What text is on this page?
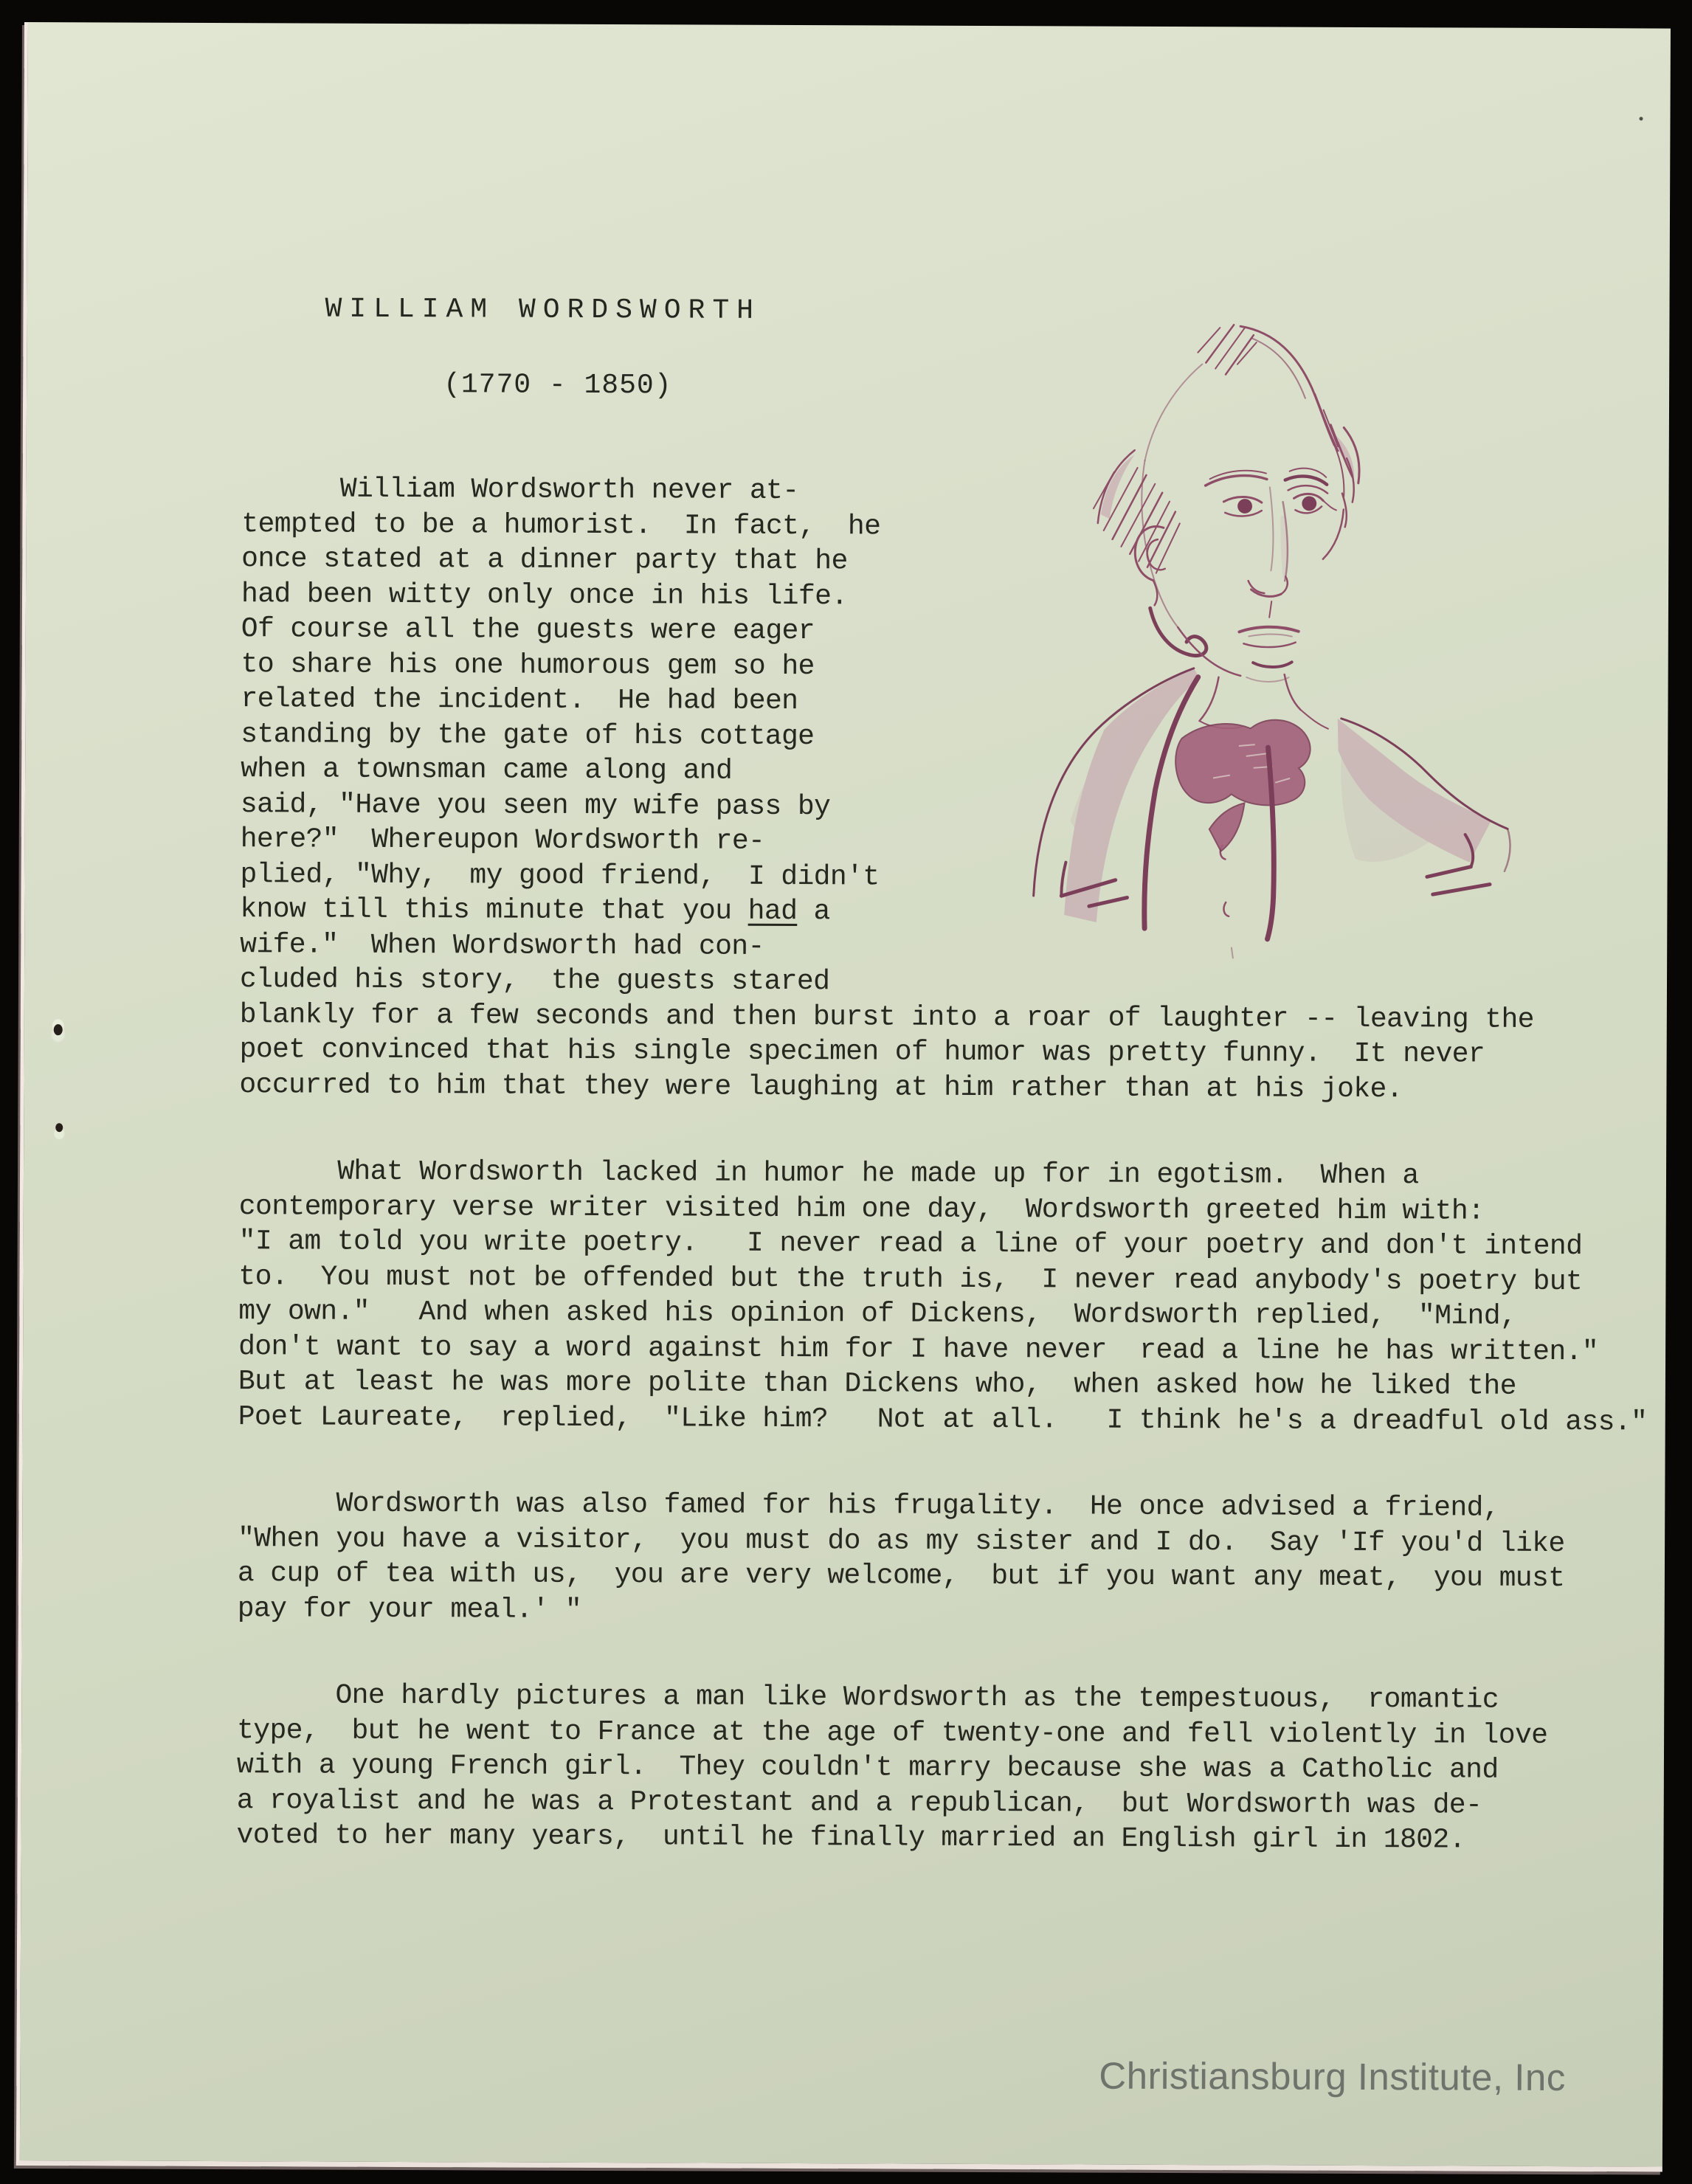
WILLIAM WORDSWORTH
(1770 - 1850)
William Wordsworth never at-
tempted to be a humorist.  In fact,  he
once stated at a dinner party that he
had been witty only once in his life.
Of course all the guests were eager
to share his one humorous gem so he
related the incident.  He had been
standing by the gate of his cottage
when a townsman came along and
said, "Have you seen my wife pass by
here?"  Whereupon Wordsworth re-
plied, "Why,  my good friend,  I didn't
know till this minute that you had a
wife."  When Wordsworth had con-
cluded his story,  the guests stared
blankly for a few seconds and then burst into a roar of laughter -- leaving the
poet convinced that his single specimen of humor was pretty funny.  It never
occurred to him that they were laughing at him rather than at his joke.
What Wordsworth lacked in humor he made up for in egotism.  When a
contemporary verse writer visited him one day,  Wordsworth greeted him with:
"I am told you write poetry.   I never read a line of your poetry and don't intend
to.  You must not be offended but the truth is,  I never read anybody's poetry but
my own."   And when asked his opinion of Dickens,  Wordsworth replied,  "Mind,
don't want to say a word against him for I have never  read a line he has written."
But at least he was more polite than Dickens who,  when asked how he liked the
Poet Laureate,  replied,  "Like him?   Not at all.   I think he's a dreadful old ass."
Wordsworth was also famed for his frugality.  He once advised a friend,
"When you have a visitor,  you must do as my sister and I do.  Say 'If you'd like
a cup of tea with us,  you are very welcome,  but if you want any meat,  you must
pay for your meal.' "
One hardly pictures a man like Wordsworth as the tempestuous,  romantic
type,  but he went to France at the age of twenty-one and fell violently in love
with a young French girl.  They couldn't marry because she was a Catholic and
a royalist and he was a Protestant and a republican,  but Wordsworth was de-
voted to her many years,  until he finally married an English girl in 1802.
Christiansburg Institute, Inc
